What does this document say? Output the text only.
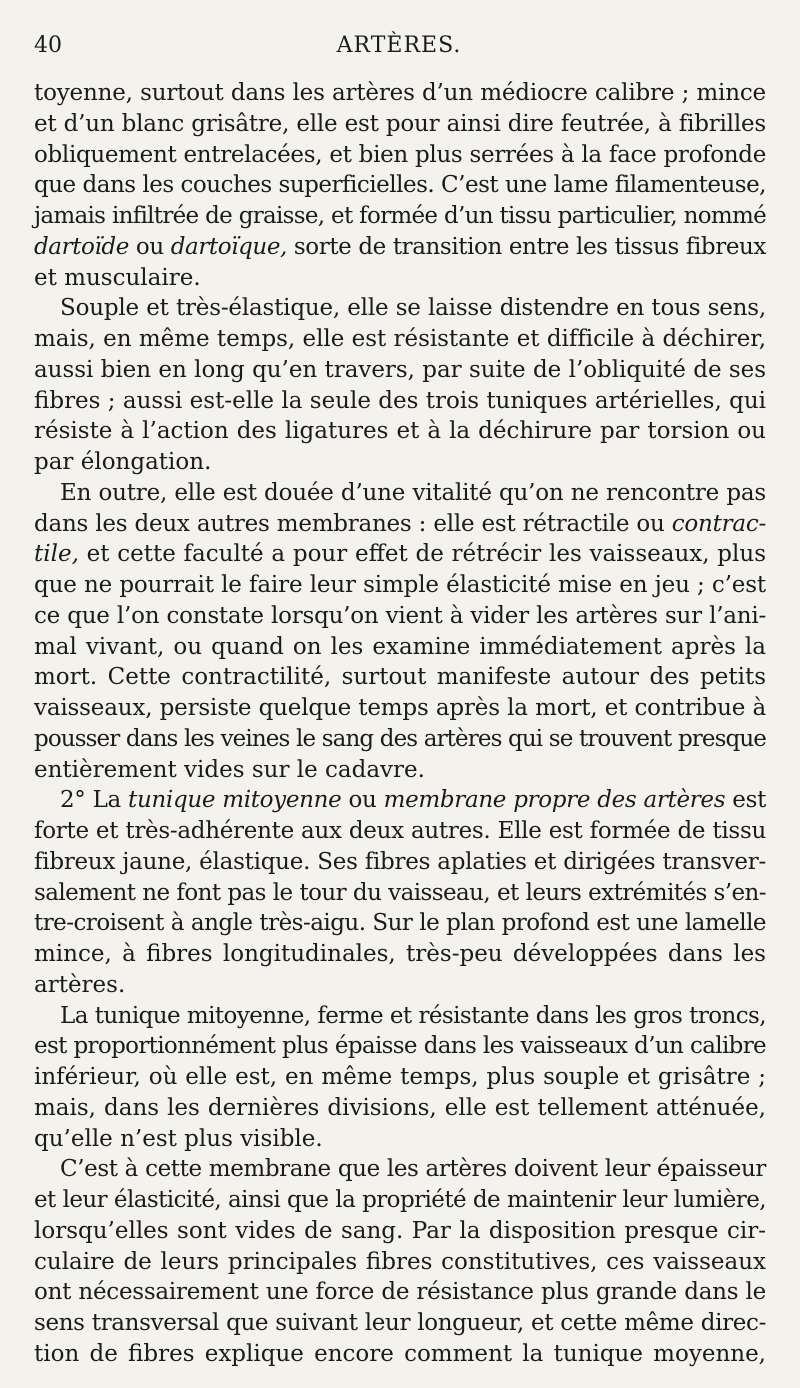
40	ARTÈRES.
toyenne, surtout dans les artères d’un médiocre calibre ; mince
et d’un blanc grisâtre, elle est pour ainsi dire feutrée, à fibrilles
obliquement entrelacées, et bien plus serrées à la face profonde
que dans les couches superficielles. C’est une lame filamenteuse,
jamais infiltrée de graisse, et formée d’un tissu particulier, nommé
dartoïde ou dartoïque, sorte de transition entre les tissus fibreux
et musculaire.
Souple et très-élastique, elle se laisse distendre en tous sens,
mais, en même temps, elle est résistante et difficile à déchirer,
aussi bien en long qu’en travers, par suite de l’obliquité de ses
fibres ; aussi est-elle la seule des trois tuniques artérielles, qui
résiste à l’action des ligatures et à la déchirure par torsion ou
par élongation.
En outre, elle est douée d’une vitalité qu’on ne rencontre pas
dans les deux autres membranes : elle est rétractile ou contrac-
tile, et cette faculté a pour effet de rétrécir les vaisseaux, plus
que ne pourrait le faire leur simple élasticité mise en jeu ; c’est
ce que l’on constate lorsqu’on vient à vider les artères sur l’ani-
mal vivant, ou quand on les examine immédiatement après la
mort. Cette contractilité, surtout manifeste autour des petits
vaisseaux, persiste quelque temps après la mort, et contribue à
pousser dans les veines le sang des artères qui se trouvent presque
entièrement vides sur le cadavre.
2° La tunique mitoyenne ou membrane propre des artères est
forte et très-adhérente aux deux autres. Elle est formée de tissu
fibreux jaune, élastique. Ses fibres aplaties et dirigées transver-
salement ne font pas le tour du vaisseau, et leurs extrémités s’en-
tre-croisent à angle très-aigu. Sur le plan profond est une lamelle
mince, à fibres longitudinales, très-peu développées dans les
artères.
La tunique mitoyenne, ferme et résistante dans les gros troncs,
est proportionnément plus épaisse dans les vaisseaux d’un calibre
inférieur, où elle est, en même temps, plus souple et grisâtre ;
mais, dans les dernières divisions, elle est tellement atténuée,
qu’elle n’est plus visible.
C’est à cette membrane que les artères doivent leur épaisseur
et leur élasticité, ainsi que la propriété de maintenir leur lumière,
lorsqu’elles sont vides de sang. Par la disposition presque cir-
culaire de leurs principales fibres constitutives, ces vaisseaux
ont nécessairement une force de résistance plus grande dans le
sens transversal que suivant leur longueur, et cette même direc-
tion de fibres explique encore comment la tunique moyenne,
